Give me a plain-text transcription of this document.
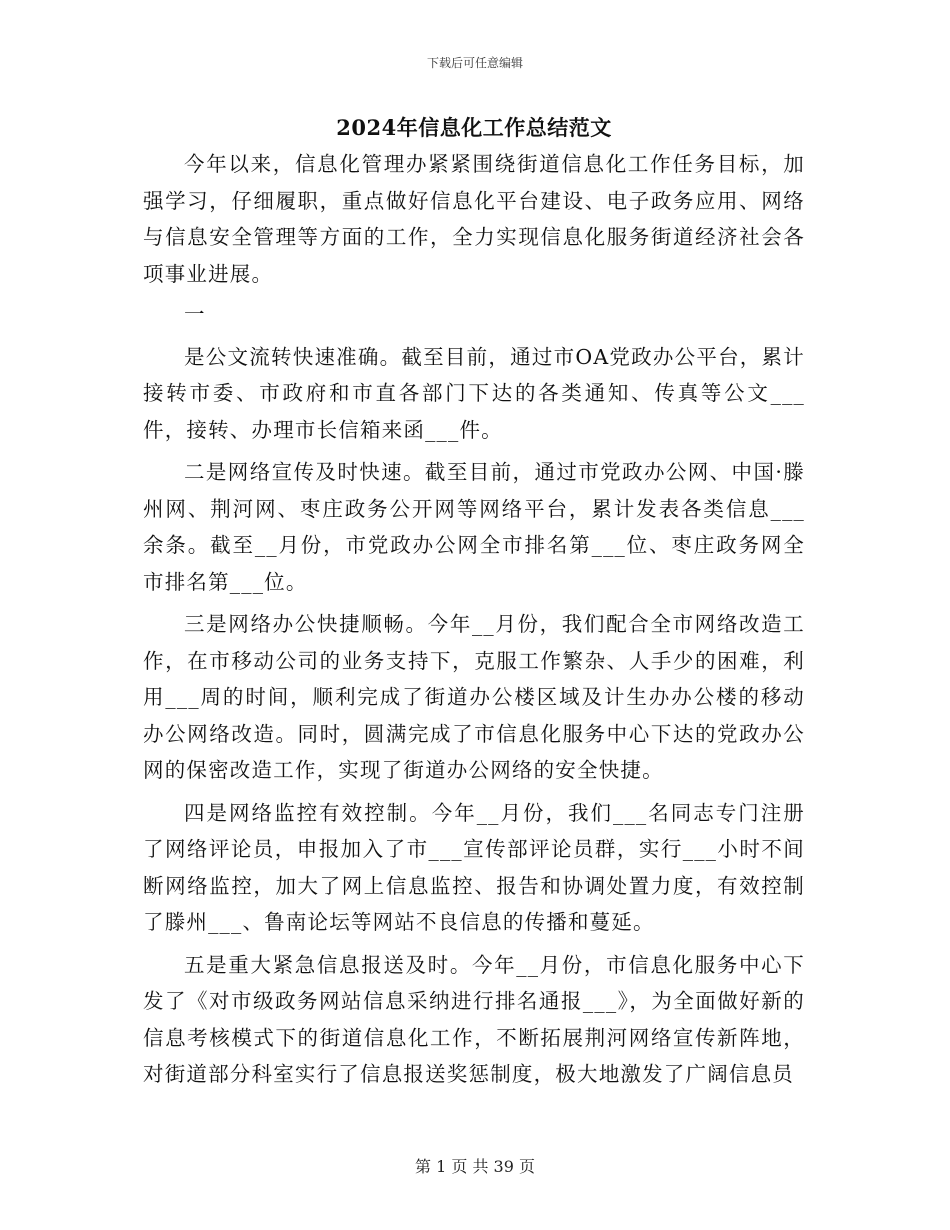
下载后可任意编辑
2024年信息化工作总结范文

今年以来，信息化管理办紧紧围绕街道信息化工作任务目标，加强学习，仔细履职，重点做好信息化平台建设、电子政务应用、网络与信息安全管理等方面的工作，全力实现信息化服务街道经济社会各项事业进展。

一

是公文流转快速准确。截至目前，通过市OA党政办公平台，累计接转市委、市政府和市直各部门下达的各类通知、传真等公文___件，接转、办理市长信箱来函___件。

二是网络宣传及时快速。截至目前，通过市党政办公网、中国·滕州网、荆河网、枣庄政务公开网等网络平台，累计发表各类信息___余条。截至__月份，市党政办公网全市排名第___位、枣庄政务网全市排名第___位。

三是网络办公快捷顺畅。今年__月份，我们配合全市网络改造工作，在市移动公司的业务支持下，克服工作繁杂、人手少的困难，利用___周的时间，顺利完成了街道办公楼区域及计生办办公楼的移动办公网络改造。同时，圆满完成了市信息化服务中心下达的党政办公网的保密改造工作，实现了街道办公网络的安全快捷。

四是网络监控有效控制。今年__月份，我们___名同志专门注册了网络评论员，申报加入了市___宣传部评论员群，实行___小时不间断网络监控，加大了网上信息监控、报告和协调处置力度，有效控制了滕州___、鲁南论坛等网站不良信息的传播和蔓延。

五是重大紧急信息报送及时。今年__月份，市信息化服务中心下发了《对市级政务网站信息采纳进行排名通报___》，为全面做好新的信息考核模式下的街道信息化工作，不断拓展荆河网络宣传新阵地，对街道部分科室实行了信息报送奖惩制度，极大地激发了广阔信息员

第 1 页 共 39 页
